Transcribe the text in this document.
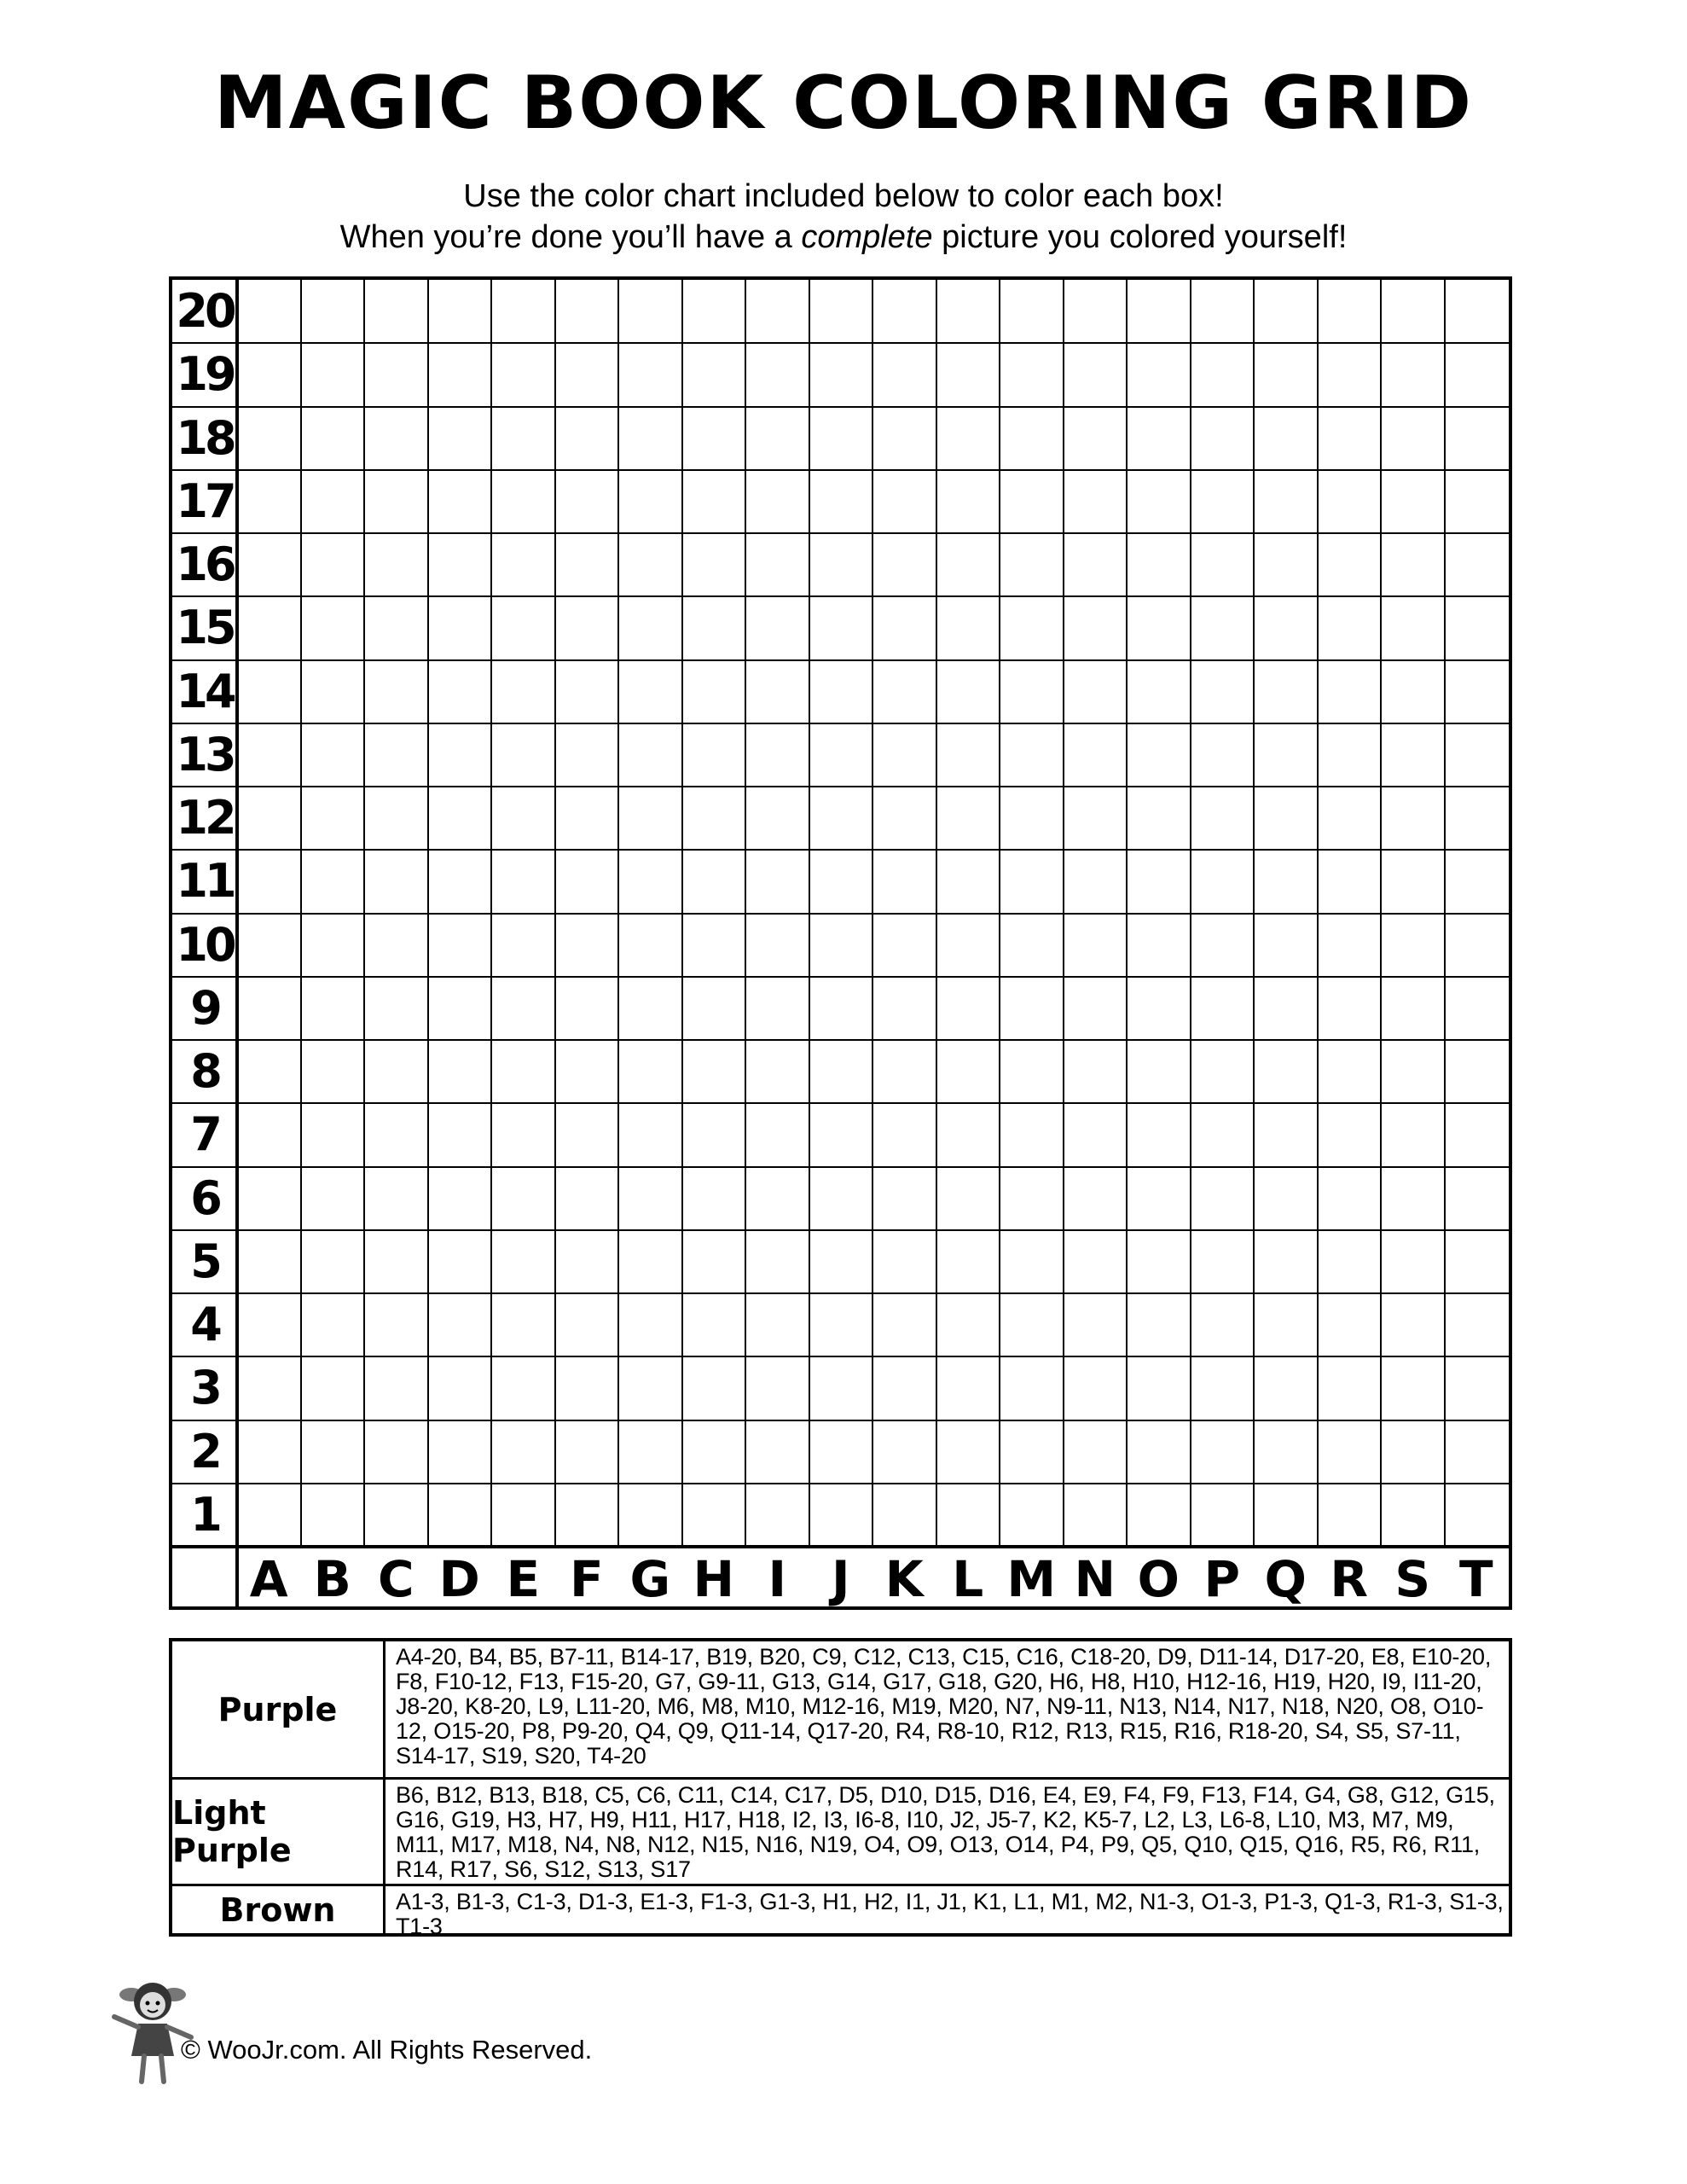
MAGIC BOOK COLORING GRID
Use the color chart included below to color each box!
When you’re done you’ll have a complete picture you colored yourself!
20
19
18
17
16
15
14
13
12
11
10
9
8
7
6
5
4
3
2
1
A B C D E F G H I J K L M N O P Q R S T
Purple
A4-20, B4, B5, B7-11, B14-17, B19, B20, C9, C12, C13, C15, C16, C18-20, D9, D11-14, D17-20, E8, E10-20, F8, F10-12, F13, F15-20, G7, G9-11, G13, G14, G17, G18, G20, H6, H8, H10, H12-16, H19, H20, I9, I11-20, J8-20, K8-20, L9, L11-20, M6, M8, M10, M12-16, M19, M20, N7, N9-11, N13, N14, N17, N18, N20, O8, O10-12, O15-20, P8, P9-20, Q4, Q9, Q11-14, Q17-20, R4, R8-10, R12, R13, R15, R16, R18-20, S4, S5, S7-11, S14-17, S19, S20, T4-20
Light Purple
B6, B12, B13, B18, C5, C6, C11, C14, C17, D5, D10, D15, D16, E4, E9, F4, F9, F13, F14, G4, G8, G12, G15, G16, G19, H3, H7, H9, H11, H17, H18, I2, I3, I6-8, I10, J2, J5-7, K2, K5-7, L2, L3, L6-8, L10, M3, M7, M9, M11, M17, M18, N4, N8, N12, N15, N16, N19, O4, O9, O13, O14, P4, P9, Q5, Q10, Q15, Q16, R5, R6, R11, R14, R17, S6, S12, S13, S17
Brown	A1-3, B1-3, C1-3, D1-3, E1-3, F1-3, G1-3, H1, H2, I1, J1, K1, L1, M1, M2, N1-3, O1-3, P1-3, Q1-3, R1-3, S1-3, T1-3
© WooJr.com. All Rights Reserved.
